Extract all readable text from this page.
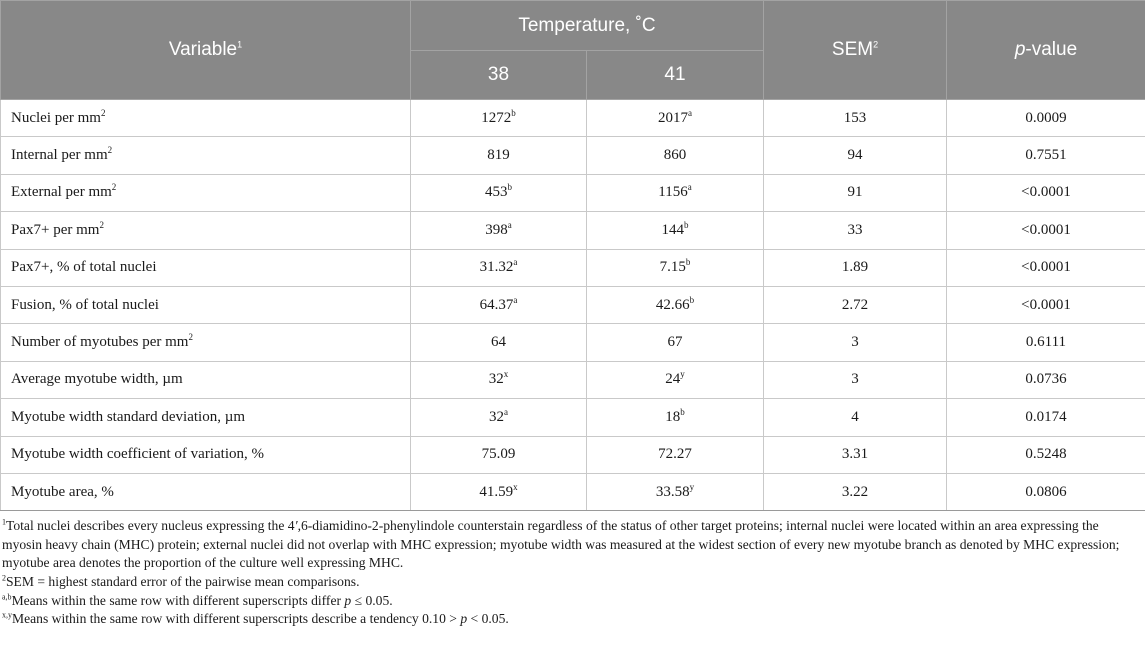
Variable$^1$	Temperature, ˚C		SEM$^2$	p-value
	38	41		
Nuclei per $mm^2$	1272$^b$	2017$^a$	153	0.0009
Internal per $mm^2$	819	860	94	0.7551
External per $mm^2$	453$^b$	1156$^a$	91	<0.0001
Pax7+ per $mm^2$	398$^a$	144$^b$	33	<0.0001
Pax7+, % of total nuclei	31.32$^a$	7.15$^b$	1.89	<0.0001
Fusion, % of total nuclei	64.37$^a$	42.66$^b$	2.72	<0.0001
Number of myotubes per $mm^2$	64	67	3	0.6111
Average myotube width, µm	32$^x$	24$^y$	3	0.0736
Myotube width standard deviation, µm	32$^a$	18$^b$	4	0.0174
Myotube width coefficient of variation, %	75.09	72.27	3.31	0.5248
Myotube area, %	41.59$^x$	33.58$^y$	3.22	0.0806

$^1$Total nuclei describes every nucleus expressing the 4′,6-diamidino-2-phenylindole counterstain regardless of the status of other target proteins; internal nuclei were located within an area expressing the myosin heavy chain (MHC) protein; external nuclei did not overlap with MHC expression; myotube width was measured at the widest section of every new myotube branch as denoted by MHC expression; myotube area denotes the proportion of the culture well expressing MHC.

$^2$SEM = highest standard error of the pairwise mean comparisons.

$^{a,b}$Means within the same row with different superscripts differ p ≤ 0.05.

$^{x,y}$Means within the same row with different superscripts describe a tendency 0.10 > p < 0.05.
